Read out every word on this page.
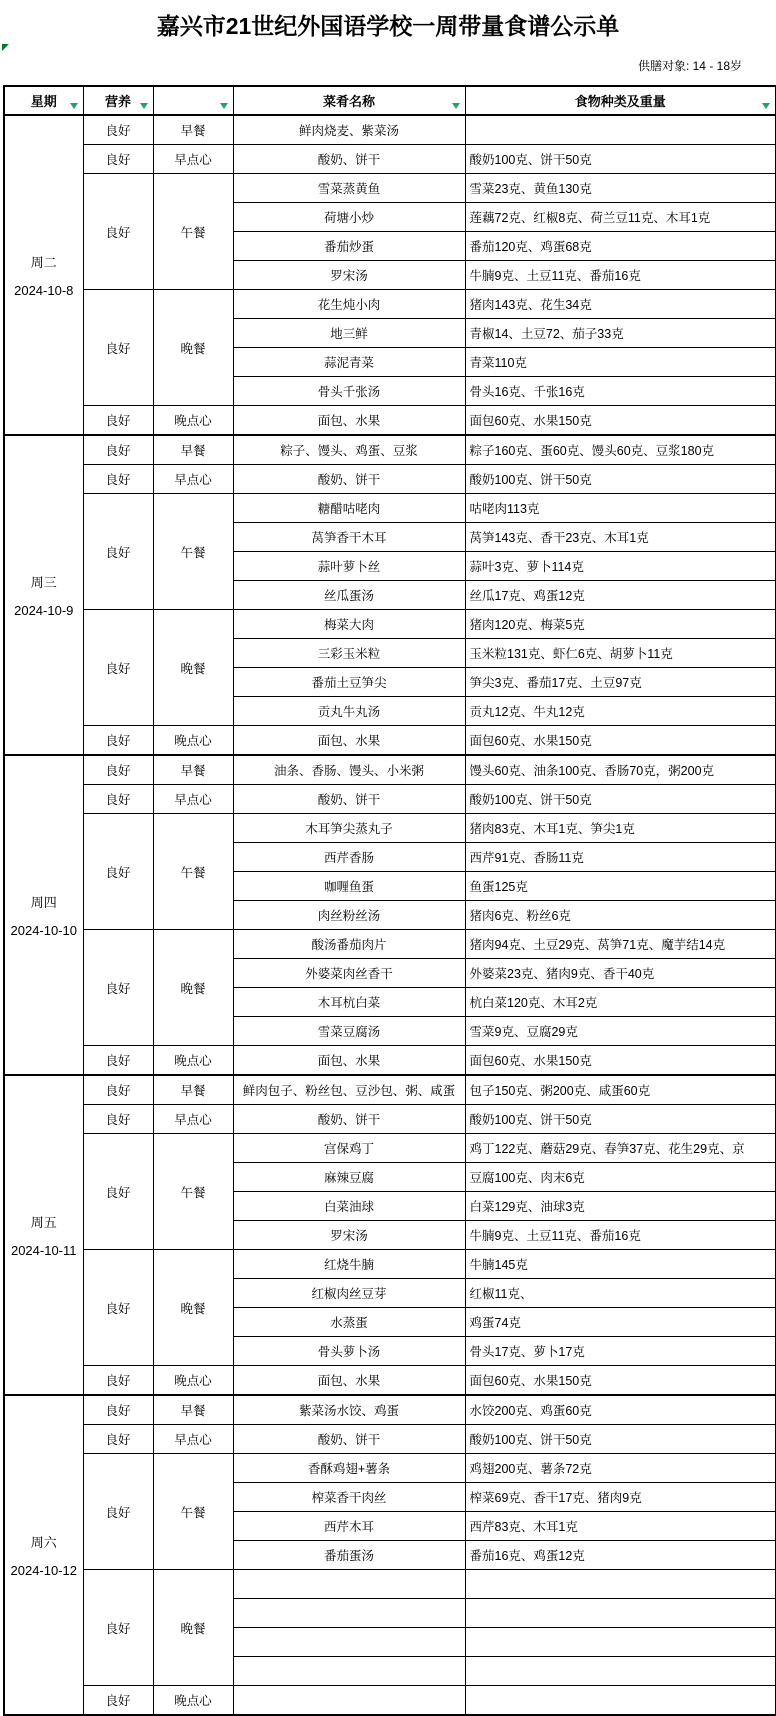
嘉兴市21世纪外国语学校一周带量食谱公示单
供膳对象: 14 - 18岁
星期	营养		菜肴名称	食物种类及重量

周二
2024-10-8	良好	早餐	鲜肉烧麦、紫菜汤	
	良好	早点心	酸奶、饼干	酸奶100克、饼干50克
	良好	午餐	雪菜蒸黄鱼	雪菜23克、黄鱼130克
			荷塘小炒	莲藕72克、红椒8克、荷兰豆11克、木耳1克
			番茄炒蛋	番茄120克、鸡蛋68克
			罗宋汤	牛腩9克、土豆11克、番茄16克
	良好	晚餐	花生炖小肉	猪肉143克、花生34克
			地三鲜	青椒14、土豆72、茄子33克
			蒜泥青菜	青菜110克
			骨头千张汤	骨头16克、千张16克
	良好	晚点心	面包、水果	面包60克、水果150克

周三
2024-10-9	良好	早餐	粽子、馒头、鸡蛋、豆浆	粽子160克、蛋60克、馒头60克、豆浆180克
	良好	早点心	酸奶、饼干	酸奶100克、饼干50克
	良好	午餐	糖醋咕咾肉	咕咾肉113克
			莴笋香干木耳	莴笋143克、香干23克、木耳1克
			蒜叶萝卜丝	蒜叶3克、萝卜114克
			丝瓜蛋汤	丝瓜17克、鸡蛋12克
	良好	晚餐	梅菜大肉	猪肉120克、梅菜5克
			三彩玉米粒	玉米粒131克、虾仁6克、胡萝卜11克
			番茄土豆笋尖	笋尖3克、番茄17克、土豆97克
			贡丸牛丸汤	贡丸12克、牛丸12克
	良好	晚点心	面包、水果	面包60克、水果150克

周四
2024-10-10	良好	早餐	油条、香肠、馒头、小米粥	馒头60克、油条100克、香肠70克，粥200克
	良好	早点心	酸奶、饼干	酸奶100克、饼干50克
	良好	午餐	木耳笋尖蒸丸子	猪肉83克、木耳1克、笋尖1克
			西芹香肠	西芹91克、香肠11克
			咖喱鱼蛋	鱼蛋125克
			肉丝粉丝汤	猪肉6克、粉丝6克
	良好	晚餐	酸汤番茄肉片	猪肉94克、土豆29克、莴笋71克、魔芋结14克
			外婆菜肉丝香干	外婆菜23克、猪肉9克、香干40克
			木耳杭白菜	杭白菜120克、木耳2克
			雪菜豆腐汤	雪菜9克、豆腐29克
	良好	晚点心	面包、水果	面包60克、水果150克

周五
2024-10-11	良好	早餐	鲜肉包子、粉丝包、豆沙包、粥、咸蛋	包子150克、粥200克、咸蛋60克
	良好	早点心	酸奶、饼干	酸奶100克、饼干50克
	良好	午餐	宫保鸡丁	鸡丁122克、蘑菇29克、春笋37克、花生29克、京
			麻辣豆腐	豆腐100克、肉末6克
			白菜油球	白菜129克、油球3克
			罗宋汤	牛腩9克、土豆11克、番茄16克
	良好	晚餐	红烧牛腩	牛腩145克
			红椒肉丝豆芽	红椒11克、
			水蒸蛋	鸡蛋74克
			骨头萝卜汤	骨头17克、萝卜17克
	良好	晚点心	面包、水果	面包60克、水果150克

周六
2024-10-12	良好	早餐	紫菜汤水饺、鸡蛋	水饺200克、鸡蛋60克
	良好	早点心	酸奶、饼干	酸奶100克、饼干50克
	良好	午餐	香酥鸡翅+薯条	鸡翅200克、薯条72克
			榨菜香干肉丝	榨菜69克、香干17克、猪肉9克
			西芹木耳	西芹83克、木耳1克
			番茄蛋汤	番茄16克、鸡蛋12克
	良好	晚餐		

	良好	晚点心		
